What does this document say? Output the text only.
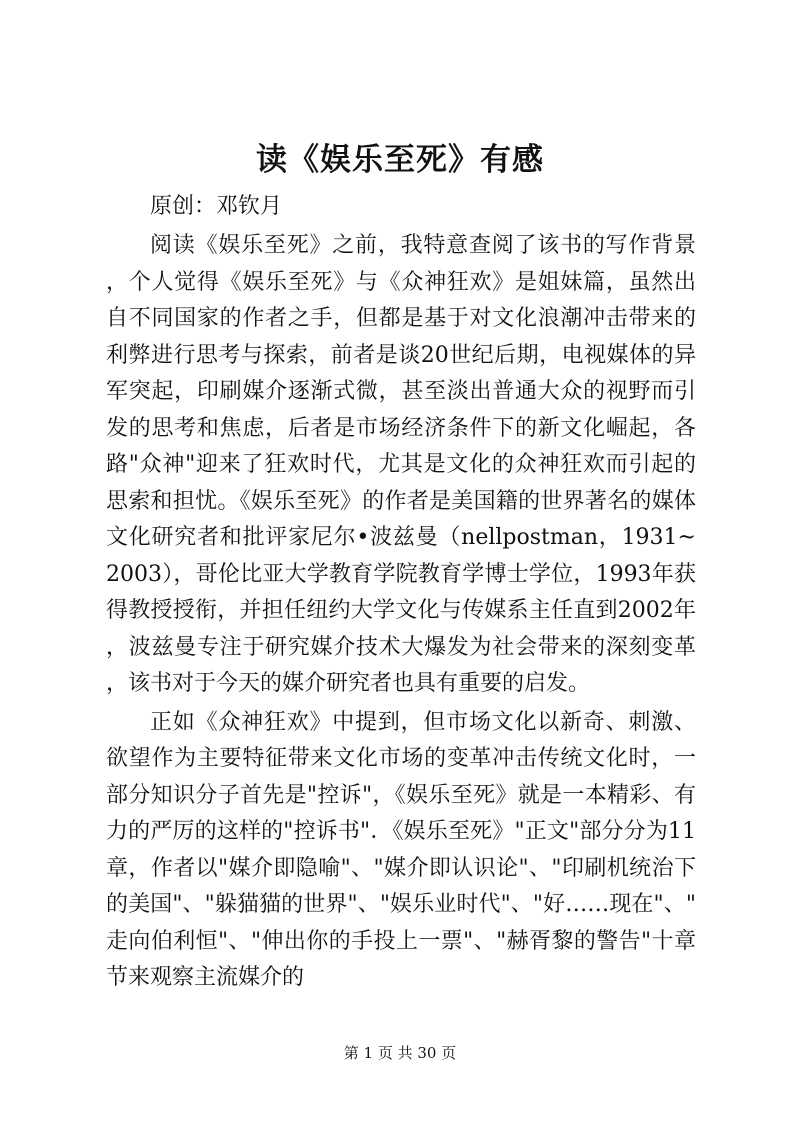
读《娱乐至死》有感

原创：邓钦月

阅读《娱乐至死》之前，我特意查阅了该书的写作背景，个人觉得《娱乐至死》与《众神狂欢》是姐妹篇，虽然出自不同国家的作者之手，但都是基于对文化浪潮冲击带来的利弊进行思考与探索，前者是谈20世纪后期，电视媒体的异军突起，印刷媒介逐渐式微，甚至淡出普通大众的视野而引发的思考和焦虑，后者是市场经济条件下的新文化崛起，各路"众神"迎来了狂欢时代，尤其是文化的众神狂欢而引起的思索和担忧。《娱乐至死》的作者是美国籍的世界著名的媒体文化研究者和批评家尼尔•波兹曼（nellpostman，1931~2003），哥伦比亚大学教育学院教育学博士学位，1993年获得教授授衔，并担任纽约大学文化与传媒系主任直到2002年，波兹曼专注于研究媒介技术大爆发为社会带来的深刻变革，该书对于今天的媒介研究者也具有重要的启发。

正如《众神狂欢》中提到，但市场文化以新奇、刺激、欲望作为主要特征带来文化市场的变革冲击传统文化时，一部分知识分子首先是"控诉"，《娱乐至死》就是一本精彩、有力的严厉的这样的"控诉书"．《娱乐至死》"正文"部分分为11章，作者以"媒介即隐喻"、"媒介即认识论"、"印刷机统治下的美国"、"躲猫猫的世界"、"娱乐业时代"、"好……现在"、"走向伯利恒"、"伸出你的手投上一票"、"赫胥黎的警告"十章节来观察主流媒介的

第 1 页 共 30 页
